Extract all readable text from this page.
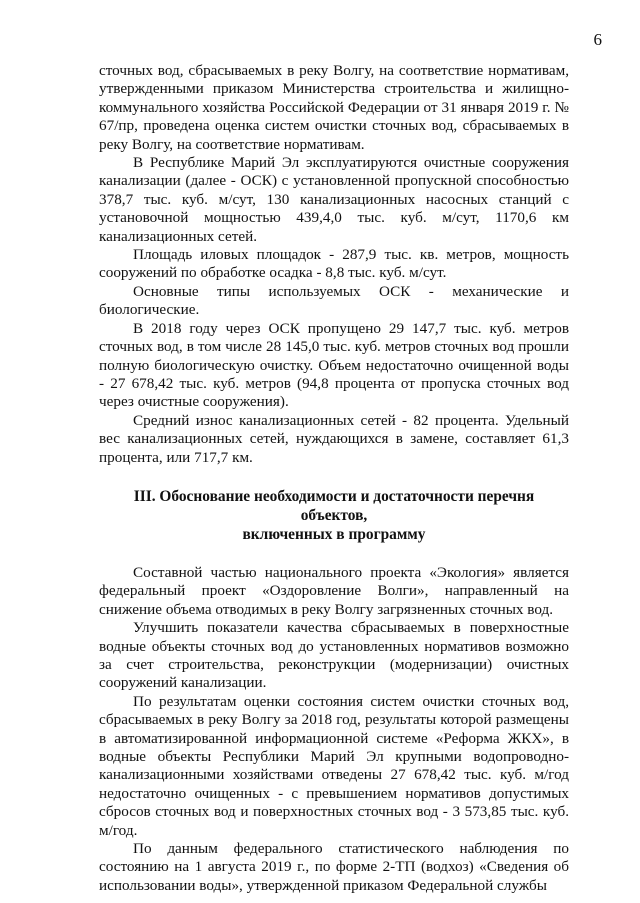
6

сточных вод, сбрасываемых в реку Волгу, на соответствие нормативам, утвержденными приказом Министерства строительства и жилищно-коммунального хозяйства Российской Федерации от 31 января 2019 г. № 67/пр, проведена оценка систем очистки сточных вод, сбрасываемых в реку Волгу, на соответствие нормативам.

В Республике Марий Эл эксплуатируются очистные сооружения канализации (далее - ОСК) с установленной пропускной способностью 378,7 тыс. куб. м/сут, 130 канализационных насосных станций с установочной мощностью 439,4,0 тыс. куб. м/сут, 1170,6 км канализационных сетей.

Площадь иловых площадок - 287,9 тыс. кв. метров, мощность сооружений по обработке осадка - 8,8 тыс. куб. м/сут.

Основные типы используемых ОСК - механические и биологические.

В 2018 году через ОСК пропущено 29 147,7 тыс. куб. метров сточных вод, в том числе 28 145,0 тыс. куб. метров сточных вод прошли полную биологическую очистку. Объем недостаточно очищенной воды - 27 678,42 тыс. куб. метров (94,8 процента от пропуска сточных вод через очистные сооружения).

Средний износ канализационных сетей - 82 процента. Удельный вес канализационных сетей, нуждающихся в замене, составляет 61,3 процента, или 717,7 км.

III. Обоснование необходимости и достаточности перечня объектов,
включенных в программу

Составной частью национального проекта «Экология» является федеральный проект «Оздоровление Волги», направленный на снижение объема отводимых в реку Волгу загрязненных сточных вод.

Улучшить показатели качества сбрасываемых в поверхностные водные объекты сточных вод до установленных нормативов возможно за счет строительства, реконструкции (модернизации) очистных сооружений канализации.

По результатам оценки состояния систем очистки сточных вод, сбрасываемых в реку Волгу за 2018 год, результаты которой размещены в автоматизированной информационной системе «Реформа ЖКХ», в водные объекты Республики Марий Эл крупными водопроводно-канализационными хозяйствами отведены 27 678,42 тыс. куб. м/год недостаточно очищенных - с превышением нормативов допустимых сбросов сточных вод и поверхностных сточных вод - 3 573,85 тыс. куб. м/год.

По данным федерального статистического наблюдения по состоянию на 1 августа 2019 г., по форме 2-ТП (водхоз) «Сведения об использовании воды», утвержденной приказом Федеральной службы
